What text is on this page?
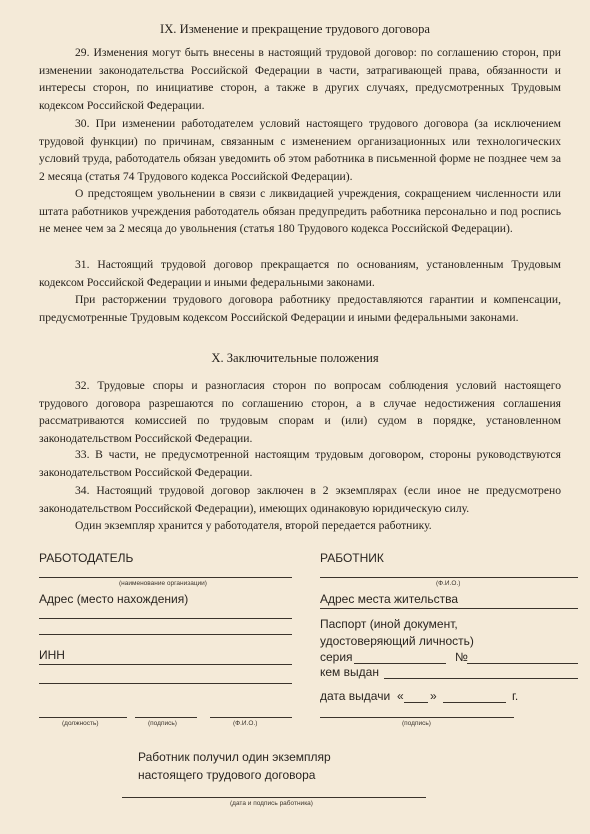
IX. Изменение и прекращение трудового договора

29. Изменения могут быть внесены в настоящий трудовой договор: по соглашению сторон, при изменении законодательства Российской Федерации в части, затрагивающей права, обязанности и интересы сторон, по инициативе сторон, а также в других случаях, предусмотренных Трудовым кодексом Российской Федерации.

30. При изменении работодателем условий настоящего трудового договора (за исключением трудовой функции) по причинам, связанным с изменением организационных или технологических условий труда, работодатель обязан уведомить об этом работника в письменной форме не позднее чем за 2 месяца (статья 74 Трудового кодекса Российской Федерации).

О предстоящем увольнении в связи с ликвидацией учреждения, сокращением численности или штата работников учреждения работодатель обязан предупредить работника персонально и под роспись не менее чем за 2 месяца до увольнения (статья 180 Трудового кодекса Российской Федерации).

31. Настоящий трудовой договор прекращается по основаниям, установленным Трудовым кодексом Российской Федерации и иными федеральными законами.

При расторжении трудового договора работнику предоставляются гарантии и компенсации, предусмотренные Трудовым кодексом Российской Федерации и иными федеральными законами.

X. Заключительные положения

32. Трудовые споры и разногласия сторон по вопросам соблюдения условий настоящего трудового договора разрешаются по соглашению сторон, а в случае недостижения соглашения рассматриваются комиссией по трудовым спорам и (или) судом в порядке, установленном законодательством Российской Федерации.

33. В части, не предусмотренной настоящим трудовым договором, стороны руководствуются законодательством Российской Федерации.

34. Настоящий трудовой договор заключен в 2 экземплярах (если иное не предусмотрено законодательством Российской Федерации), имеющих одинаковую юридическую силу.

Один экземпляр хранится у работодателя, второй передается работнику.

РАБОТОДАТЕЛЬ
(наименование организации)
Адрес (место нахождения)
ИНН
(должность)	(подпись)	(Ф.И.О.)
РАБОТНИК
(Ф.И.О.)
Адрес места жительства
Паспорт (иной документ,
удостоверяющий личность)
серия	№
кем выдан
дата выдачи « »	г.
(подпись)
Работник получил один экземпляр
настоящего трудового договора
(дата и подпись работника)
